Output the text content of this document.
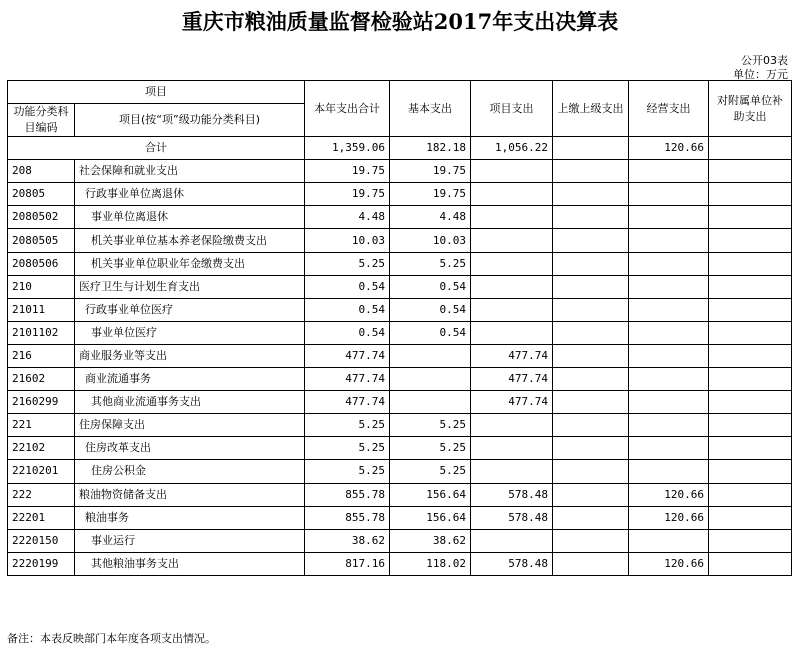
重庆市粮油质量监督检验站2017年支出决算表
公开03表
单位：万元
项目		本年支出合计	基本支出	项目支出	上缴上级支出	经营支出	对附属单位补助支出
功能分类科目编码	项目(按“项”级功能分类科目)						
合计		1,359.06	182.18	1,056.22		120.66	
208	社会保障和就业支出	19.75	19.75				
20805	行政事业单位离退休	19.75	19.75				
2080502	事业单位离退休	4.48	4.48				
2080505	机关事业单位基本养老保险缴费支出	10.03	10.03				
2080506	机关事业单位职业年金缴费支出	5.25	5.25				
210	医疗卫生与计划生育支出	0.54	0.54				
21011	行政事业单位医疗	0.54	0.54				
2101102	事业单位医疗	0.54	0.54				
216	商业服务业等支出	477.74		477.74			
21602	商业流通事务	477.74		477.74			
2160299	其他商业流通事务支出	477.74		477.74			
221	住房保障支出	5.25	5.25				
22102	住房改革支出	5.25	5.25				
2210201	住房公积金	5.25	5.25				
222	粮油物资储备支出	855.78	156.64	578.48		120.66	
22201	粮油事务	855.78	156.64	578.48		120.66	
2220150	事业运行	38.62	38.62				
2220199	其他粮油事务支出	817.16	118.02	578.48		120.66	
备注：本表反映部门本年度各项支出情况。
